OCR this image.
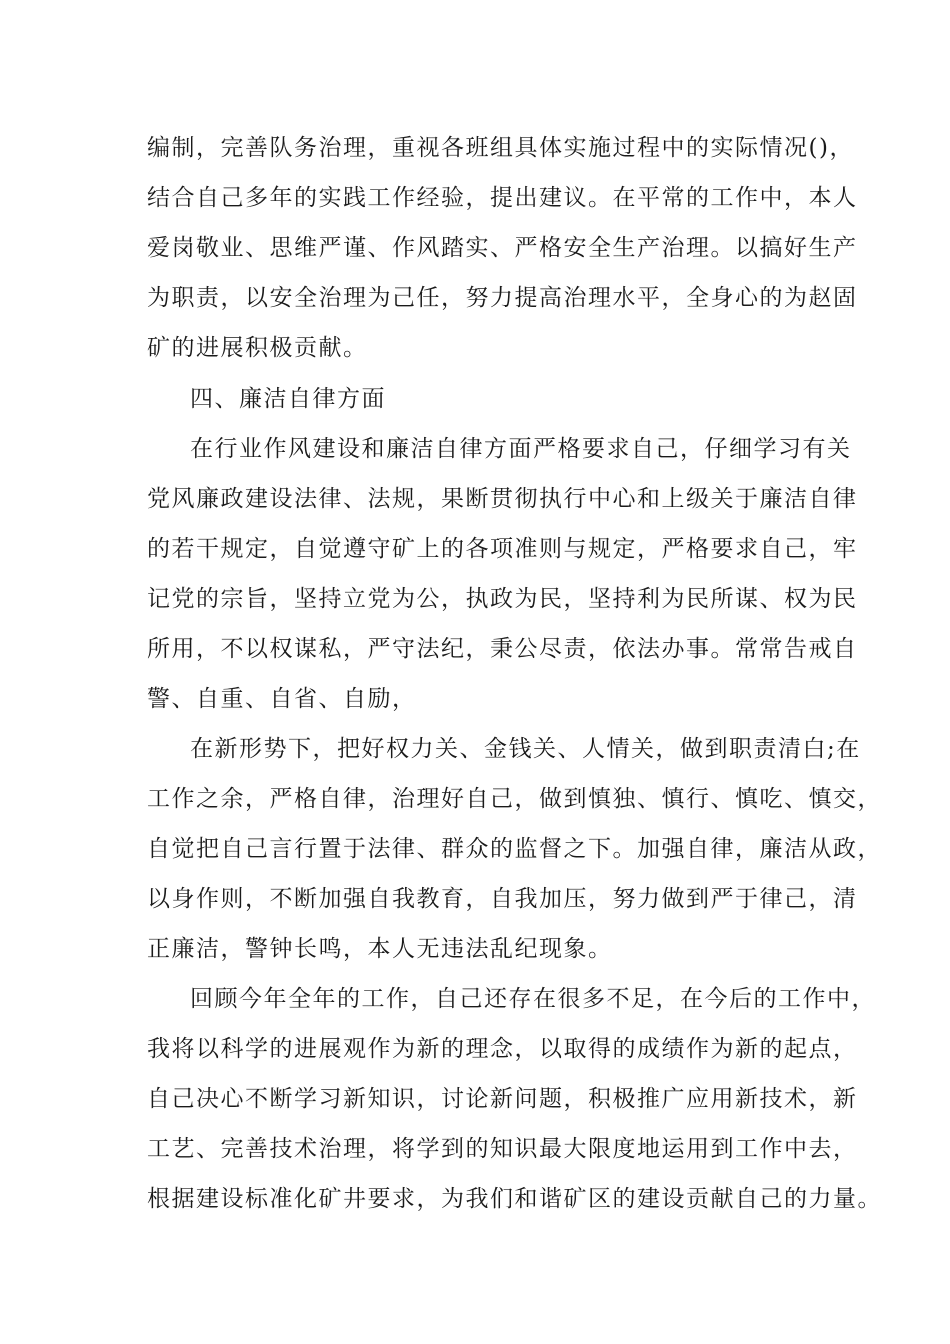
编制，完善队务治理，重视各班组具体实施过程中的实际情况()，
结合自己多年的实践工作经验，提出建议。在平常的工作中，本人
爱岗敬业、思维严谨、作风踏实、严格安全生产治理。以搞好生产
为职责，以安全治理为己任，努力提高治理水平，全身心的为赵固
矿的进展积极贡献。
四、廉洁自律方面
在行业作风建设和廉洁自律方面严格要求自己，仔细学习有关
党风廉政建设法律、法规，果断贯彻执行中心和上级关于廉洁自律
的若干规定，自觉遵守矿上的各项准则与规定，严格要求自己，牢
记党的宗旨，坚持立党为公，执政为民，坚持利为民所谋、权为民
所用，不以权谋私，严守法纪，秉公尽责，依法办事。常常告戒自
警、自重、自省、自励，
在新形势下，把好权力关、金钱关、人情关，做到职责清白;在
工作之余，严格自律，治理好自己，做到慎独、慎行、慎吃、慎交，
自觉把自己言行置于法律、群众的监督之下。加强自律，廉洁从政，
以身作则，不断加强自我教育，自我加压，努力做到严于律己，清
正廉洁，警钟长鸣，本人无违法乱纪现象。
回顾今年全年的工作，自己还存在很多不足，在今后的工作中，
我将以科学的进展观作为新的理念，以取得的成绩作为新的起点，
自己决心不断学习新知识，讨论新问题，积极推广应用新技术，新
工艺、完善技术治理，将学到的知识最大限度地运用到工作中去，
根据建设标准化矿井要求，为我们和谐矿区的建设贡献自己的力量。
